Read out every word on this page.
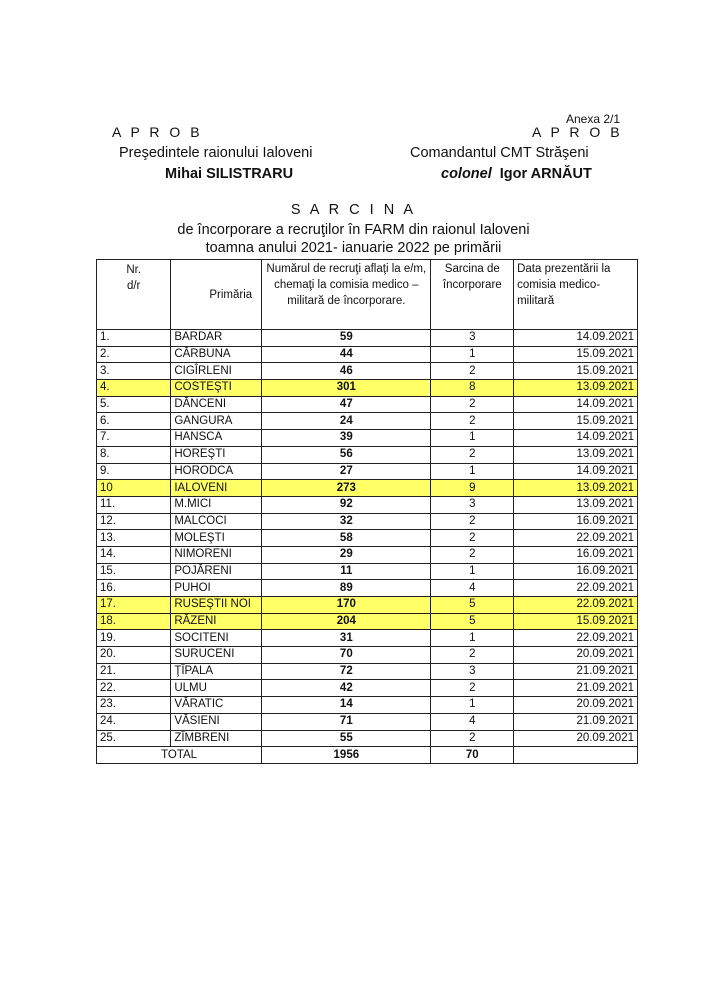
Anexa 2/1
A P R O B	A P R O B
Preşedintele raionului Ialoveni	Comandantul CMT Străşeni
Mihai SILISTRARU	colonel Igor ARNĂUT
S A R C I N A
de încorporare a recruţilor în FARM din raionul Ialoveni
toamna anului 2021- ianuarie 2022 pe primării
Nr. d/r	Primăria	Numărul de recruţi aflaţi la e/m, chemaţi la comisia medico – militară de încorporare.	Sarcina de încorporare	Data prezentării la comisia medico-militară
1.	BARDAR	59	3	14.09.2021
2.	CĂRBUNA	44	1	15.09.2021
3.	CIGÎRLENI	46	2	15.09.2021
4.	COSTEŞTI	301	8	13.09.2021
5.	DĂNCENI	47	2	14.09.2021
6.	GANGURA	24	2	15.09.2021
7.	HANSCA	39	1	14.09.2021
8.	HOREŞTI	56	2	13.09.2021
9.	HORODCA	27	1	14.09.2021
10	IALOVENI	273	9	13.09.2021
11.	M.MICI	92	3	13.09.2021
12.	MALCOCI	32	2	16.09.2021
13.	MOLEŞTI	58	2	22.09.2021
14.	NIMORENI	29	2	16.09.2021
15.	POJĂRENI	11	1	16.09.2021
16.	PUHOI	89	4	22.09.2021
17.	RUSEŞTII NOI	170	5	22.09.2021
18.	RĂZENI	204	5	15.09.2021
19.	SOCITENI	31	1	22.09.2021
20.	SURUCENI	70	2	20.09.2021
21.	ŢÎPALA	72	3	21.09.2021
22.	ULMU	42	2	21.09.2021
23.	VĂRATIC	14	1	20.09.2021
24.	VĂSIENI	71	4	21.09.2021
25.	ZÎMBRENI	55	2	20.09.2021
TOTAL		1956	70	
